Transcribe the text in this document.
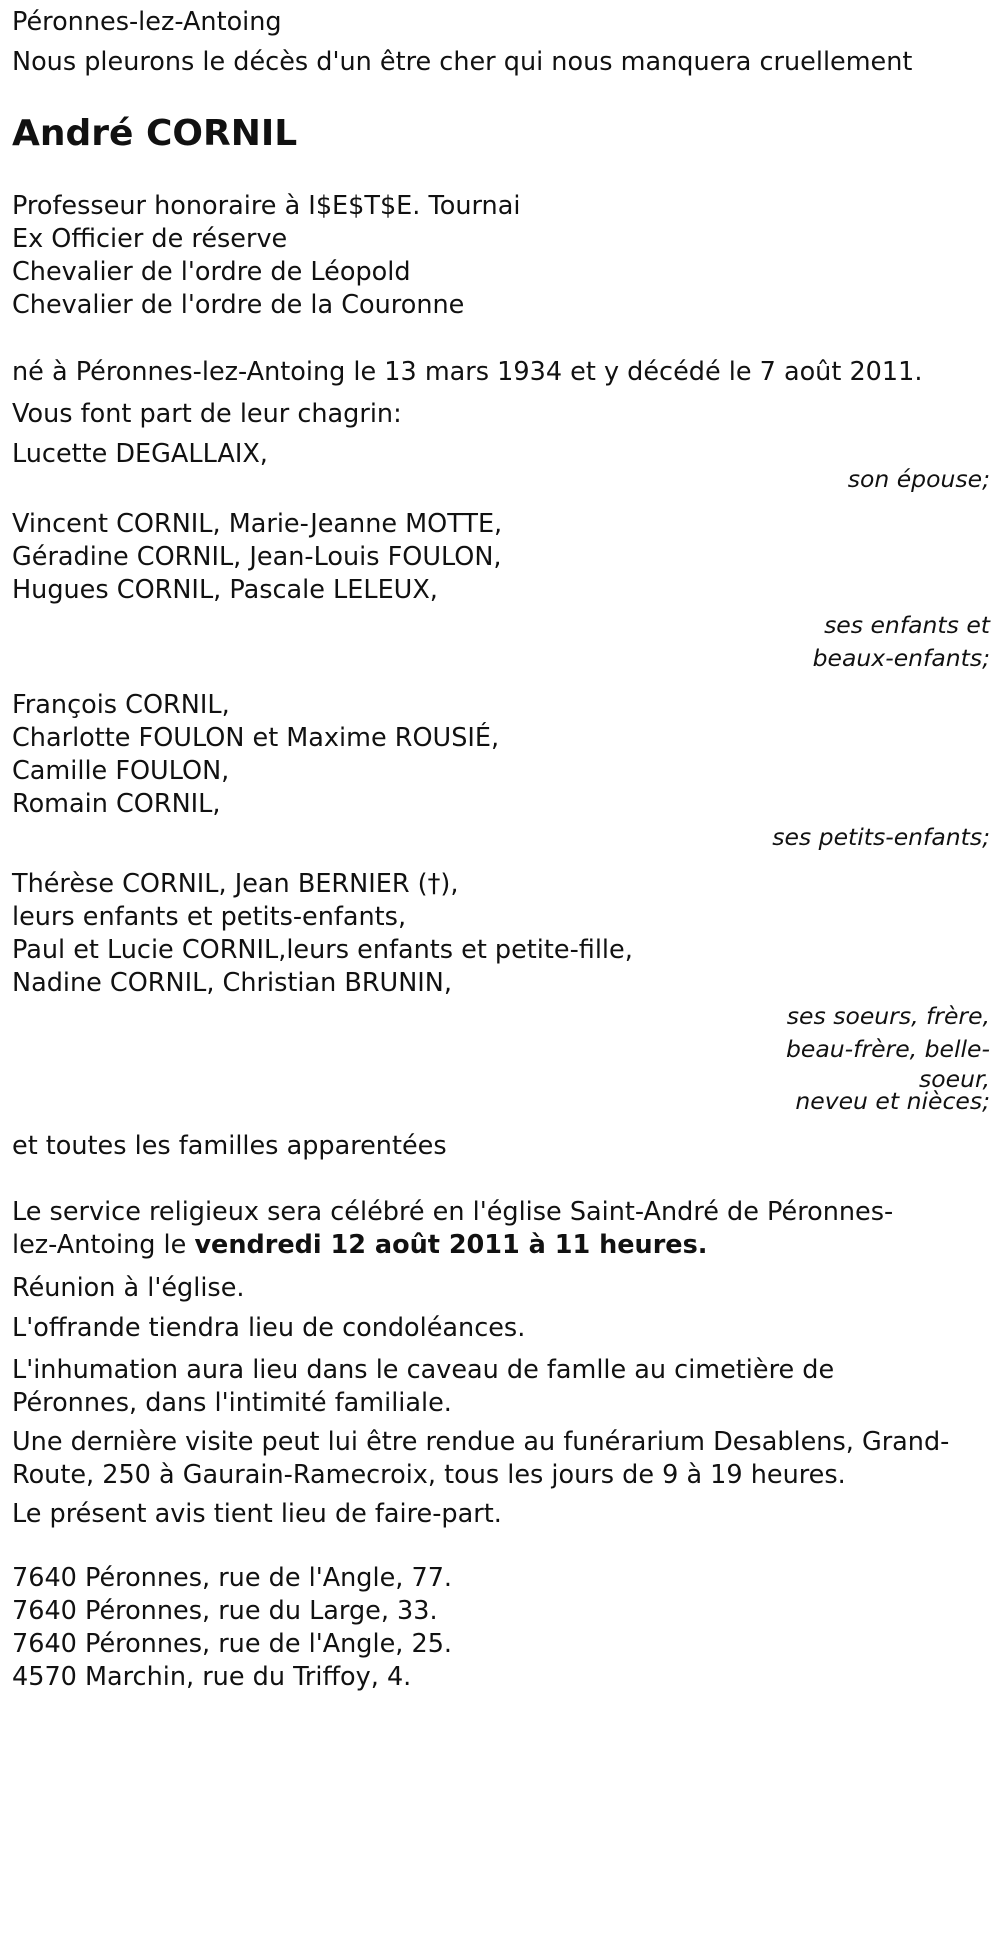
Péronnes-lez-Antoing
Nous pleurons le décès d'un être cher qui nous manquera cruellement
André CORNIL
Professeur honoraire à I$E$T$E. Tournai
Ex Officier de réserve
Chevalier de l'ordre de Léopold
Chevalier de l'ordre de la Couronne
né à Péronnes-lez-Antoing le 13 mars 1934 et y décédé le 7 août 2011.
Vous font part de leur chagrin:
Lucette DEGALLAIX,
son épouse;
Vincent CORNIL, Marie-Jeanne MOTTE,
Géradine CORNIL, Jean-Louis FOULON,
Hugues CORNIL, Pascale LELEUX,
ses enfants et
beaux-enfants;
François CORNIL,
Charlotte FOULON et Maxime ROUSIÉ,
Camille FOULON,
Romain CORNIL,
ses petits-enfants;
Thérèse CORNIL, Jean BERNIER (†),
leurs enfants et petits-enfants,
Paul et Lucie CORNIL,leurs enfants et petite-fille,
Nadine CORNIL, Christian BRUNIN,
ses soeurs, frère,
beau-frère, belle-
soeur,
neveu et nièces;
et toutes les familles apparentées
Le service religieux sera célébré en l'église Saint-André de Péronnes-
lez-Antoing le vendredi 12 août 2011 à 11 heures.
Réunion à l'église.
L'offrande tiendra lieu de condoléances.
L'inhumation aura lieu dans le caveau de famlle au cimetière de
Péronnes, dans l'intimité familiale.
Une dernière visite peut lui être rendue au funérarium Desablens, Grand-
Route, 250 à Gaurain-Ramecroix, tous les jours de 9 à 19 heures.
Le présent avis tient lieu de faire-part.
7640 Péronnes, rue de l'Angle, 77.
7640 Péronnes, rue du Large, 33.
7640 Péronnes, rue de l'Angle, 25.
4570 Marchin, rue du Triffoy, 4.
